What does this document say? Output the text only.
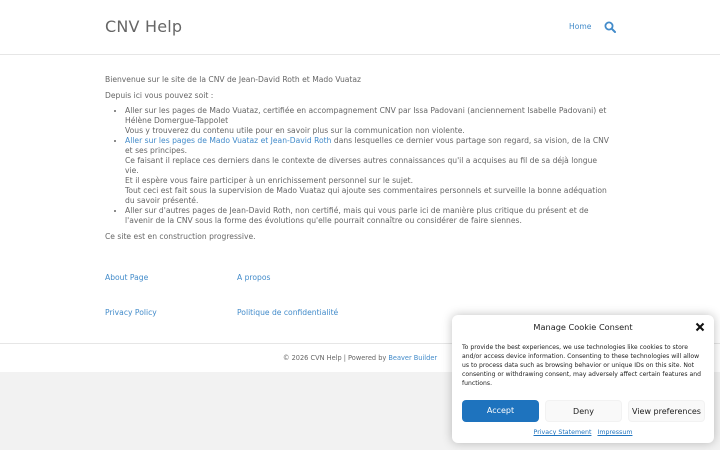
CNV Help	Home

Bienvenue sur le site de la CNV de Jean-David Roth et Mado Vuataz

Depuis ici vous pouvez soit :

• Aller sur les pages de Mado Vuataz, certifiée en accompagnement CNV par Issa Padovani (anciennement Isabelle Padovani) et Hélène Domergue-Tappolet
Vous y trouverez du contenu utile pour en savoir plus sur la communication non violente.
• Aller sur les pages de Mado Vuataz et Jean-David Roth dans lesquelles ce dernier vous partage son regard, sa vision, de la CNV et ses principes.
Ce faisant il replace ces derniers dans le contexte de diverses autres connaissances qu'il a acquises au fil de sa déjà longue vie.
Et il espère vous faire participer à un enrichissement personnel sur le sujet.
Tout ceci est fait sous la supervision de Mado Vuataz qui ajoute ses commentaires personnels et surveille la bonne adéquation du savoir présenté.
• Aller sur d'autres pages de Jean-David Roth, non certifié, mais qui vous parle ici de manière plus critique du présent et de l'avenir de la CNV sous la forme des évolutions qu'elle pourrait connaître ou considérer de faire siennes.

Ce site est en construction progressive.

About Page	A propos
Privacy Policy	Politique de confidentialité
© 2026 CVN Help | Powered by Beaver Builder
Manage Cookie Consent
To provide the best experiences, we use technologies like cookies to store and/or access device information. Consenting to these technologies will allow us to process data such as browsing behavior or unique IDs on this site. Not consenting or withdrawing consent, may adversely affect certain features and functions.
Accept	Deny	View preferences
Privacy Statement Impressum
